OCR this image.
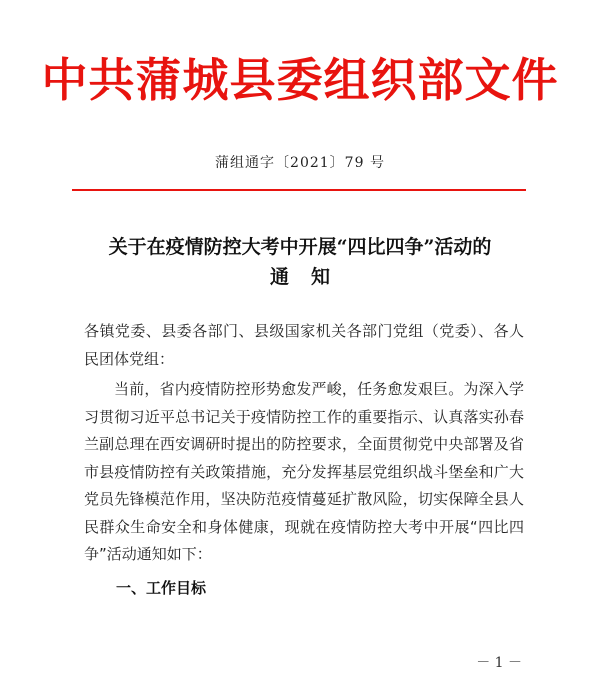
中共蒲城县委组织部文件
蒲组通字〔2021〕79 号
关于在疫情防控大考中开展“四比四争”活动的
通知
各镇党委、县委各部门、县级国家机关各部门党组（党委）、各人民团体党组：
当前，省内疫情防控形势愈发严峻，任务愈发艰巨。为深入学习贯彻习近平总书记关于疫情防控工作的重要指示、认真落实孙春兰副总理在西安调研时提出的防控要求，全面贯彻党中央部署及省市县疫情防控有关政策措施，充分发挥基层党组织战斗堡垒和广大党员先锋模范作用，坚决防范疫情蔓延扩散风险，切实保障全县人民群众生命安全和身体健康，现就在疫情防控大考中开展“四比四争”活动通知如下：
一、工作目标
－ 1 －
